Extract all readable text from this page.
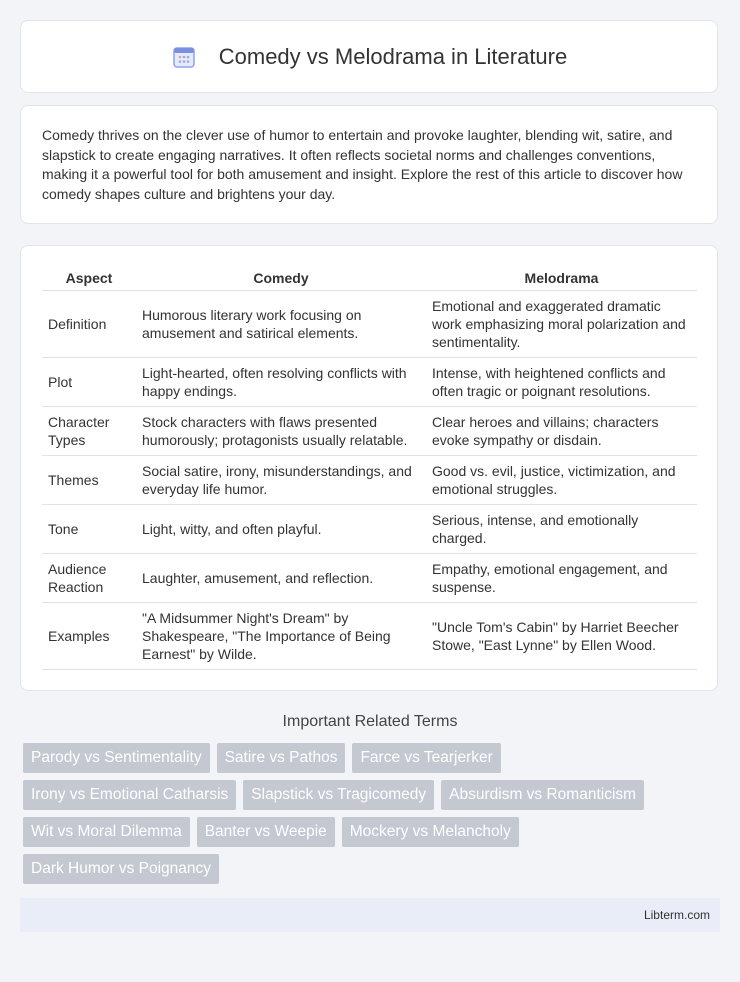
Comedy vs Melodrama in Literature
Comedy thrives on the clever use of humor to entertain and provoke laughter, blending wit, satire, and slapstick to create engaging narratives. It often reflects societal norms and challenges conventions, making it a powerful tool for both amusement and insight. Explore the rest of this article to discover how comedy shapes culture and brightens your day.
Aspect	Comedy	Melodrama
Definition	Humorous literary work focusing on amusement and satirical elements.	Emotional and exaggerated dramatic work emphasizing moral polarization and sentimentality.
Plot	Light-hearted, often resolving conflicts with happy endings.	Intense, with heightened conflicts and often tragic or poignant resolutions.
Character Types	Stock characters with flaws presented humorously; protagonists usually relatable.	Clear heroes and villains; characters evoke sympathy or disdain.
Themes	Social satire, irony, misunderstandings, and everyday life humor.	Good vs. evil, justice, victimization, and emotional struggles.
Tone	Light, witty, and often playful.	Serious, intense, and emotionally charged.
Audience Reaction	Laughter, amusement, and reflection.	Empathy, emotional engagement, and suspense.
Examples	"A Midsummer Night's Dream" by Shakespeare, "The Importance of Being Earnest" by Wilde.	"Uncle Tom's Cabin" by Harriet Beecher Stowe, "East Lynne" by Ellen Wood.
Important Related Terms
Parody vs Sentimentality	Satire vs Pathos	Farce vs Tearjerker
Irony vs Emotional Catharsis	Slapstick vs Tragicomedy	Absurdism vs Romanticism
Wit vs Moral Dilemma	Banter vs Weepie	Mockery vs Melancholy
Dark Humor vs Poignancy
Libterm.com
